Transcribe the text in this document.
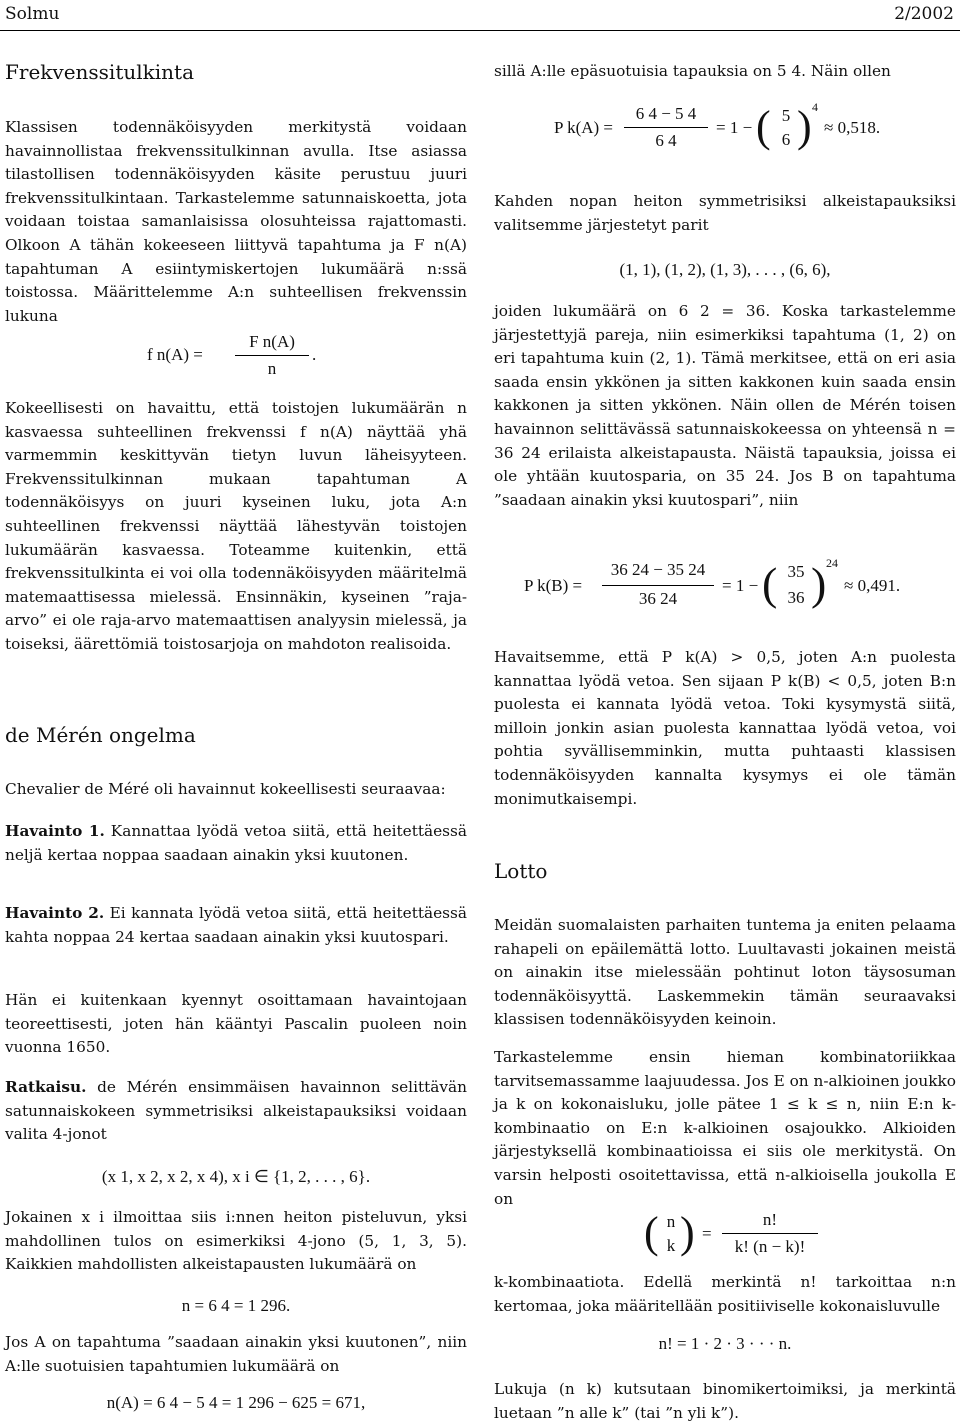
Solmu	2/2002
Frekvenssitulkinta

Klassisen todennäköisyyden merkitystä voidaan havainnollistaa frekvenssitulkinnan avulla. Itse asiassa tilastollisen todennäköisyyden käsite perustuu juuri frekvenssitulkintaan. Tarkastelemme satunnaiskoetta, jota voidaan toistaa samanlaisissa olosuhteissa rajattomasti. Olkoon A tähän kokeeseen liittyvä tapahtuma ja F n(A) tapahtuman A esiintymiskertojen lukumäärä n:ssä toistossa. Määrittelemme A:n suhteellisen frekvenssin lukuna

f n(A) =
F n(A)
n
.

Kokeellisesti on havaittu, että toistojen lukumäärän n kasvaessa suhteellinen frekvenssi f n(A) näyttää yhä varmemmin keskittyvän tietyn luvun läheisyyteen. Frekvenssitulkinnan mukaan tapahtuman A todennäköisyys on juuri kyseinen luku, jota A:n suhteellinen frekvenssi näyttää lähestyvän toistojen lukumäärän kasvaessa. Toteamme kuitenkin, että frekvenssitulkinta ei voi olla todennäköisyyden määritelmä matemaattisessa mielessä. Ensinnäkin, kyseinen ”raja-arvo” ei ole raja-arvo matemaattisen analyysin mielessä, ja toiseksi, äärettömiä toistosarjoja on mahdoton realisoida.

de Mérén ongelma

Chevalier de Méré oli havainnut kokeellisesti seuraavaa:

Havainto 1. Kannattaa lyödä vetoa siitä, että heitettäessä neljä kertaa noppaa saadaan ainakin yksi kuutonen.

Havainto 2. Ei kannata lyödä vetoa siitä, että heitettäessä kahta noppaa 24 kertaa saadaan ainakin yksi kuutospari.

Hän ei kuitenkaan kyennyt osoittamaan havaintojaan teoreettisesti, joten hän kääntyi Pascalin puoleen noin vuonna 1650.

Ratkaisu. de Mérén ensimmäisen havainnon selittävän satunnaiskokeen symmetrisiksi alkeistapauksiksi voidaan valita 4-jonot

(x 1, x 2, x 2, x 4), x i ∈ {1, 2, . . . , 6}.

Jokainen x i ilmoittaa siis i:nnen heiton pisteluvun, yksi mahdollinen tulos on esimerkiksi 4-jono (5, 1, 3, 5). Kaikkien mahdollisten alkeistapausten lukumäärä on

n = 6 4 = 1 296.

Jos A on tapahtuma ”saadaan ainakin yksi kuutonen”, niin A:lle suotuisien tapahtumien lukumäärä on

n(A) = 6 4 − 5 4 = 1 296 − 625 = 671,

sillä A:lle epäsuotuisia tapauksia on 5 4. Näin ollen

P k(A) =
6 4 − 5 4
6 4
= 1 − ( 5
6 ) 4
≈ 0,518.

Kahden nopan heiton symmetrisiksi alkeistapauksiksi valitsemme järjestetyt parit

(1, 1), (1, 2), (1, 3), . . . , (6, 6),

joiden lukumäärä on 6 2 = 36. Koska tarkastelemme järjestettyjä pareja, niin esimerkiksi tapahtuma (1, 2) on eri tapahtuma kuin (2, 1). Tämä merkitsee, että on eri asia saada ensin ykkönen ja sitten kakkonen kuin saada ensin kakkonen ja sitten ykkönen. Näin ollen de Mérén toisen havainnon selittävässä satunnaiskokeessa on yhteensä n = 36 24 erilaista alkeistapausta. Näistä tapauksia, joissa ei ole yhtään kuutosparia, on 35 24. Jos B on tapahtuma ”saadaan ainakin yksi kuutospari”, niin

P k(B) =
36 24 − 35 24
36 24
= 1 − ( 35
36 ) 24
≈ 0,491.

Havaitsemme, että P k(A) > 0,5, joten A:n puolesta kannattaa lyödä vetoa. Sen sijaan P k(B) < 0,5, joten B:n puolesta ei kannata lyödä vetoa. Toki kysymystä siitä, milloin jonkin asian puolesta kannattaa lyödä vetoa, voi pohtia syvällisemminkin, mutta puhtaasti klassisen todennäköisyyden kannalta kysymys ei ole tämän monimutkaisempi.

Lotto

Meidän suomalaisten parhaiten tuntema ja eniten pelaama rahapeli on epäilemättä lotto. Luultavasti jokainen meistä on ainakin itse mielessään pohtinut loton täysosuman todennäköisyyttä. Laskemmekin tämän seuraavaksi klassisen todennäköisyyden keinoin.

Tarkastelemme ensin hieman kombinatoriikkaa tarvitsemassamme laajuudessa. Jos E on n-alkioinen joukko ja k on kokonaisluku, jolle pätee 1 ≤ k ≤ n, niin E:n k-kombinaatio on E:n k-alkioinen osajoukko. Alkioiden järjestyksellä kombinaatioissa ei siis ole merkitystä. On varsin helposti osoitettavissa, että n-alkioisella joukolla E on

( n
k ) =
n!
k! (n − k)!

k-kombinaatiota. Edellä merkintä n! tarkoittaa n:n kertomaa, joka määritellään positiiviselle kokonaisluvulle

n! = 1 · 2 · 3 · · · n.

Lukuja (n k) kutsutaan binomikertoimiksi, ja merkintä luetaan ”n alle k” (tai ”n yli k”).
